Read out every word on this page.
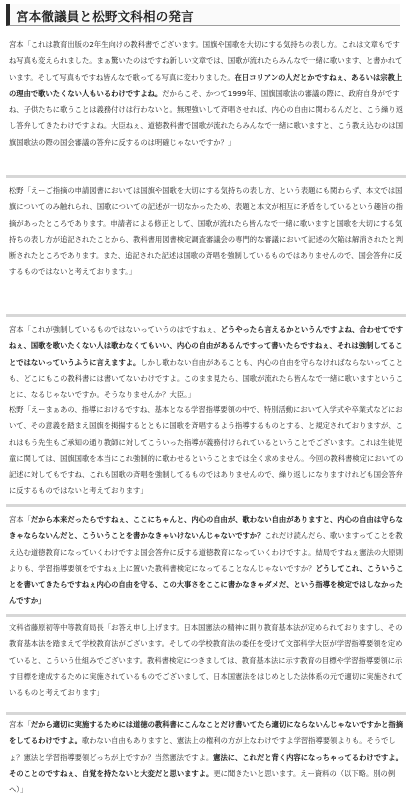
宮本徹議員と松野文科相の発言

宮本「これは教育出版の2年生向けの教科書でございます。国旗や国歌を大切にする気持ちの表し方。これは文章もですね写真も変えられました。まぁ驚いたのはですね新しい文章では、国歌が流れたらみんなで一緒に歌います、と書かれています。そして写真もですね皆んなで歌ってる写真に変わりました。在日コリアンの人だとかですねぇ、あるいは宗教上の理由で歌いたくない人もいるわけですよね。だからこそ、かつて1999年、国旗国歌法の審議の際に、政府自身がですね、子供たちに歌うことは義務付けは行わないと。無理強いして斉唱させれば、内心の自由に関わるんだと、こう繰り返し答弁してきたわけですよね。大臣ねぇ、道徳教科書で国歌が流れたらみんなで一緒に歌いますと、こう教え込むのは国旗国歌法の際の国会審議の答弁に反するのは明確じゃないですか？」

松野「えーご指摘の申請図書においては国旗や国歌を大切にする気持ちの表し方、という表題にも関わらず、本文では国旗についてのみ触れられ、国歌についての記述が一切なかったため、表題と本文が相互に矛盾をしているという趣旨の指摘があったところであります。申請者による修正として、国歌が流れたら皆んなで一緒に歌いますと国歌を大切にする気持ちの表し方が追記されたことから、教科書用図書検定調査審議会の専門的な審議において記述の欠陥は解消されたと判断されたところであります。また、追記された記述は国歌の斉唱を強制しているものではありませんので、国会答弁に反するものではないと考えております。」

宮本「これが強制しているものではないっていうのはですねぇ、どうやったら言えるかというんですよね、合わせてですねぇ、国歌を歌いたくない人は歌わなくてもいい、内心の自由があるんですって書いたらですねぇ、それは強制してることではないっていうふうに言えますよ。しかし歌わない自由があることも、内心の自由を守らなければならないってことも、どこにもこの教科書には書いてないわけですよ。このまま見たら、国歌が流れたら皆んなで一緒に歌いますということに、なるじゃないですか。そうなりませんか？大臣。」

松野「えーまぁあの、指導におけるですね、基本となる学習指導要領の中で、特別活動において入学式や卒業式などにおいて、その意義を踏まえ国旗を掲揚するとともに国歌を斉唱するよう指導するものとする、と規定されておりますが、これはもう先生もご承知の通り教師に対してこういった指導が義務付けられているということでございます。これは生徒児童に関しては、国旗国歌を本当にこれ強制的に歌わせるということまでは全く求めません。今回の教科書検定においての記述に対してもですね、これも国歌の斉唱を強制してるものではありませんので、繰り返しになりますけれども国会答弁に反するものではないと考えております」

宮本「だから本来だったらですねぇ、ここにちゃんと、内心の自由が、歌わない自由がありますと、内心の自由は守らなきゃならないんだと、こういうことを書かなきゃいけないんじゃないですか？これだけ読んだら、歌いますってことを教え込む道徳教育になっていくわけですよ国会答弁に反する道徳教育になっていくわけですよ。結局ですねぇ憲法の大原則よりも、学習指導要領をですねぇ上に置いた教科書検定になってることなんじゃないですか？どうしてこれ、こういうことを書いてきたらですねぇ内心の自由を守る、この大事さをここに書かなきゃダメだ、という指導を検定ではしなかったんですか」

文科省藤原初等中等教育局長「お答え申し上げます。日本国憲法の精神に則り教育基本法が定められておりますし、その教育基本法を踏まえて学校教育法がございます。そしての学校教育法の委任を受けて文部科学大臣が学習指導要領を定めていると、こういう仕組みでございます。教科書検定につきましては、教育基本法に示す教育の目標や学習指導要領に示す目標を達成するために実施されているものでございまして、日本国憲法をはじめとした法体系の元で適切に実施されているものと考えております」

宮本「だから適切に実施するためには道徳の教科書にこんなことだけ書いてたら適切にならないんじゃないですかと指摘をしてるわけですよ。歌わない自由もありますと、憲法上の権利の方が上なわけですよ学習指導要領よりも。そうでしょ？憲法と学習指導要領どっちが上ですか？当然憲法ですよ。憲法に、これだと背く内容になっちゃってるわけですよ。そのことのですねぇ、自覚を持たないと大変だと思いますよ。更に聞きたいと思います。えー資料の（以下略。別の例へ）」
